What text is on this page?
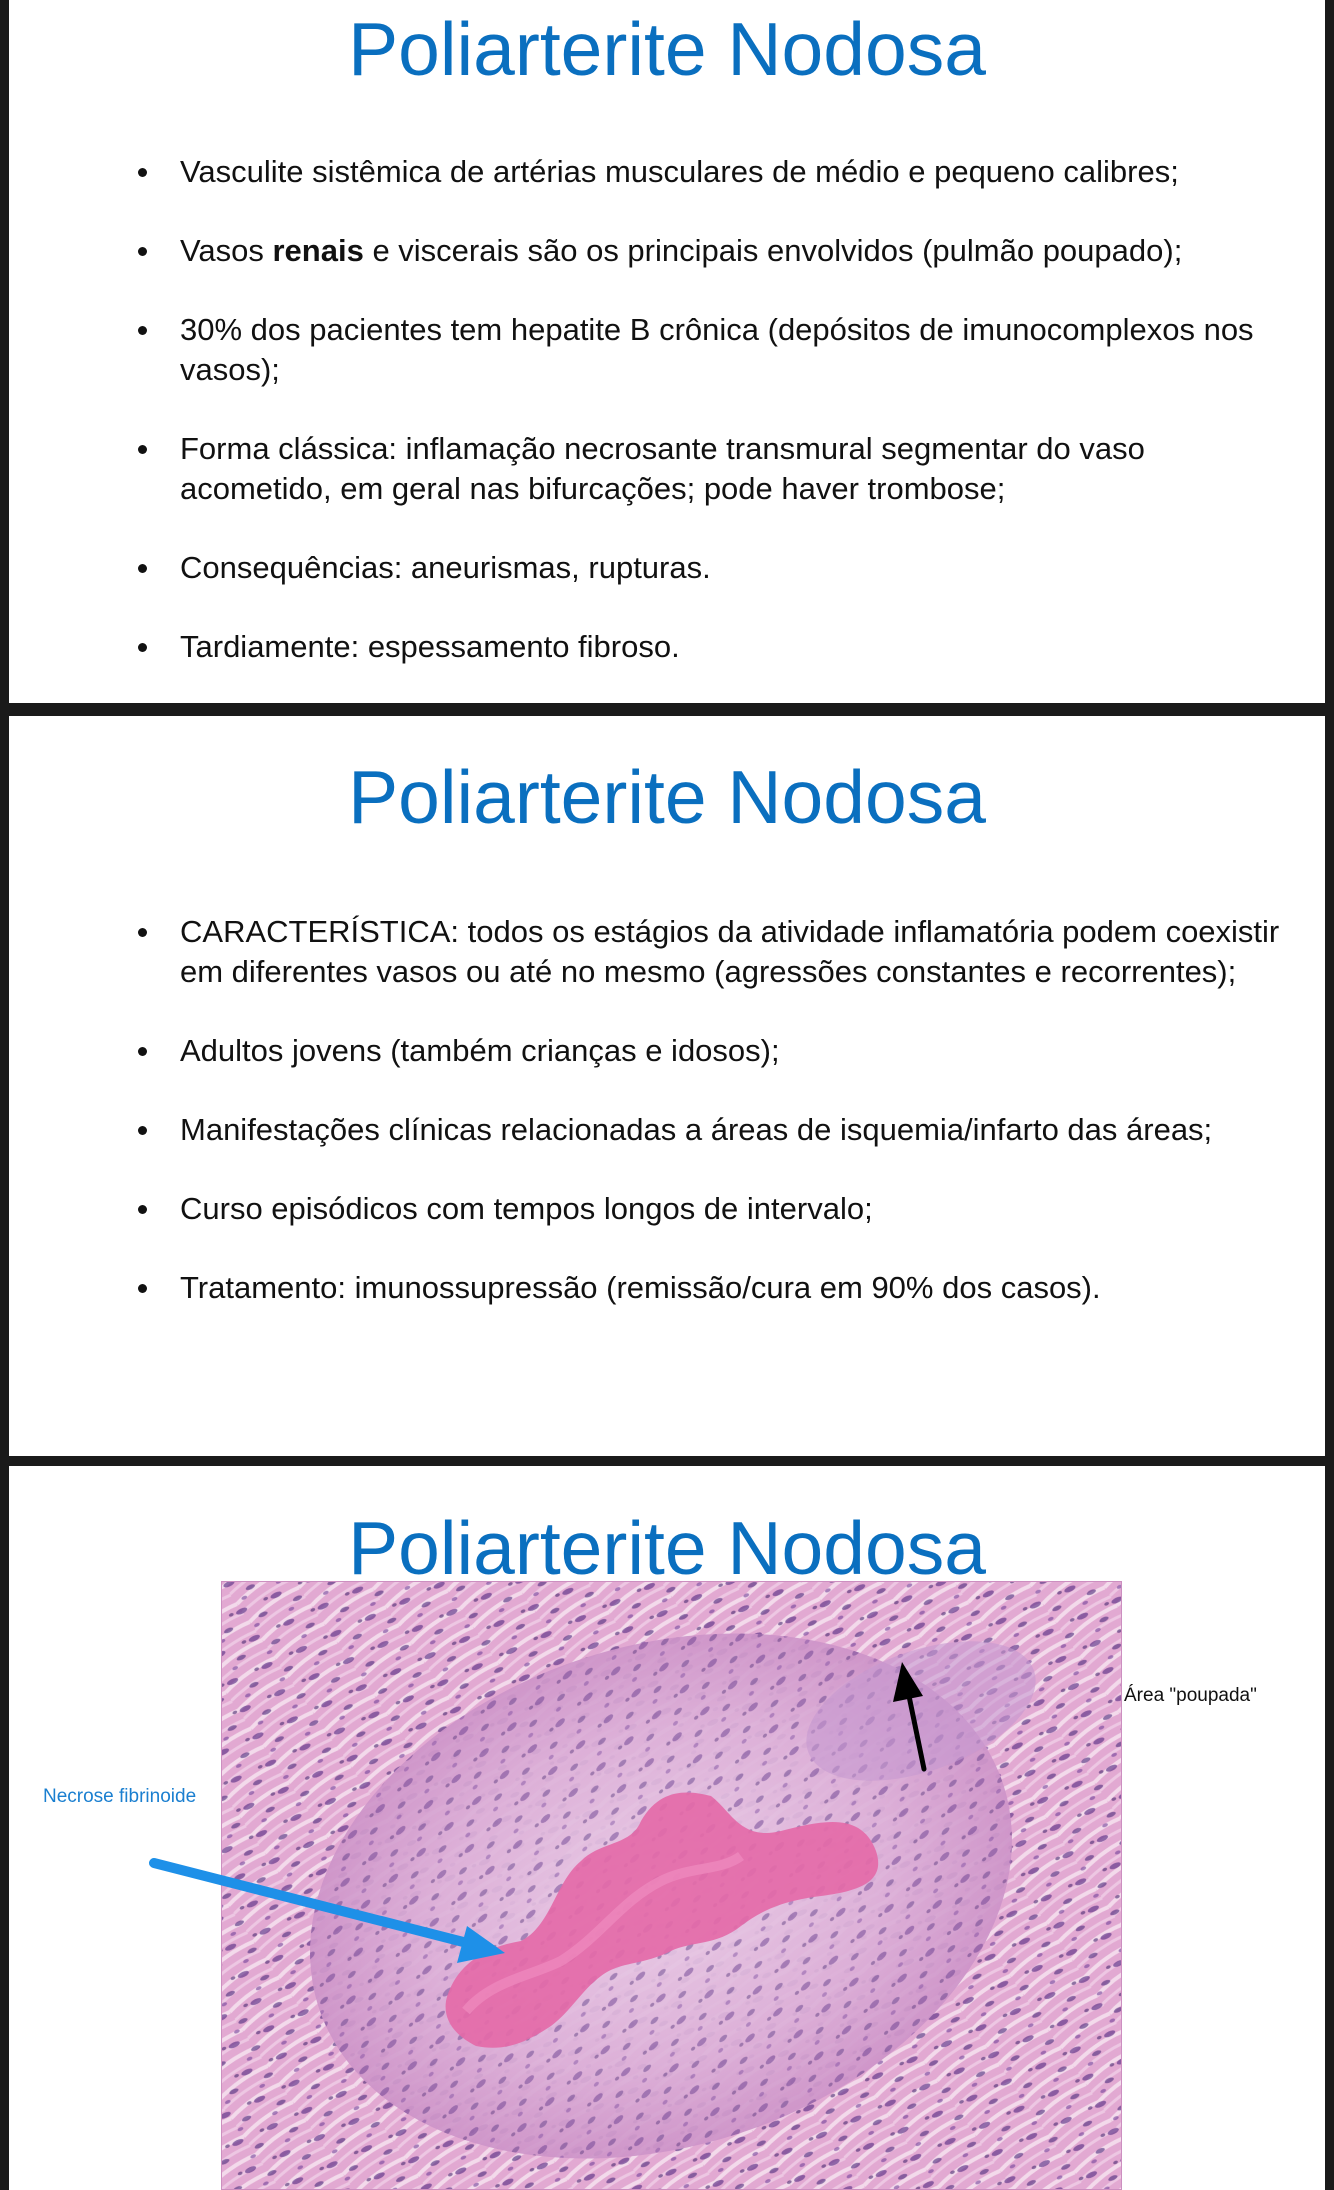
Poliarterite Nodosa
Vasculite sistêmica de artérias musculares de médio e pequeno calibres;
Vasos renais e viscerais são os principais envolvidos (pulmão poupado);
30% dos pacientes tem hepatite B crônica (depósitos de imunocomplexos nos vasos);
Forma clássica: inflamação necrosante transmural segmentar do vaso acometido, em geral nas bifurcações; pode haver trombose;
Consequências: aneurismas, rupturas.
Tardiamente: espessamento fibroso.
Poliarterite Nodosa
CARACTERÍSTICA: todos os estágios da atividade inflamatória podem coexistir em diferentes vasos ou até no mesmo (agressões constantes e recorrentes);
Adultos jovens (também crianças e idosos);
Manifestações clínicas relacionadas a áreas de isquemia/infarto das áreas;
Curso episódicos com tempos longos de intervalo;
Tratamento: imunossupressão (remissão/cura em 90% dos casos).
Poliarterite Nodosa
Necrose fibrinoide
Área "poupada"
